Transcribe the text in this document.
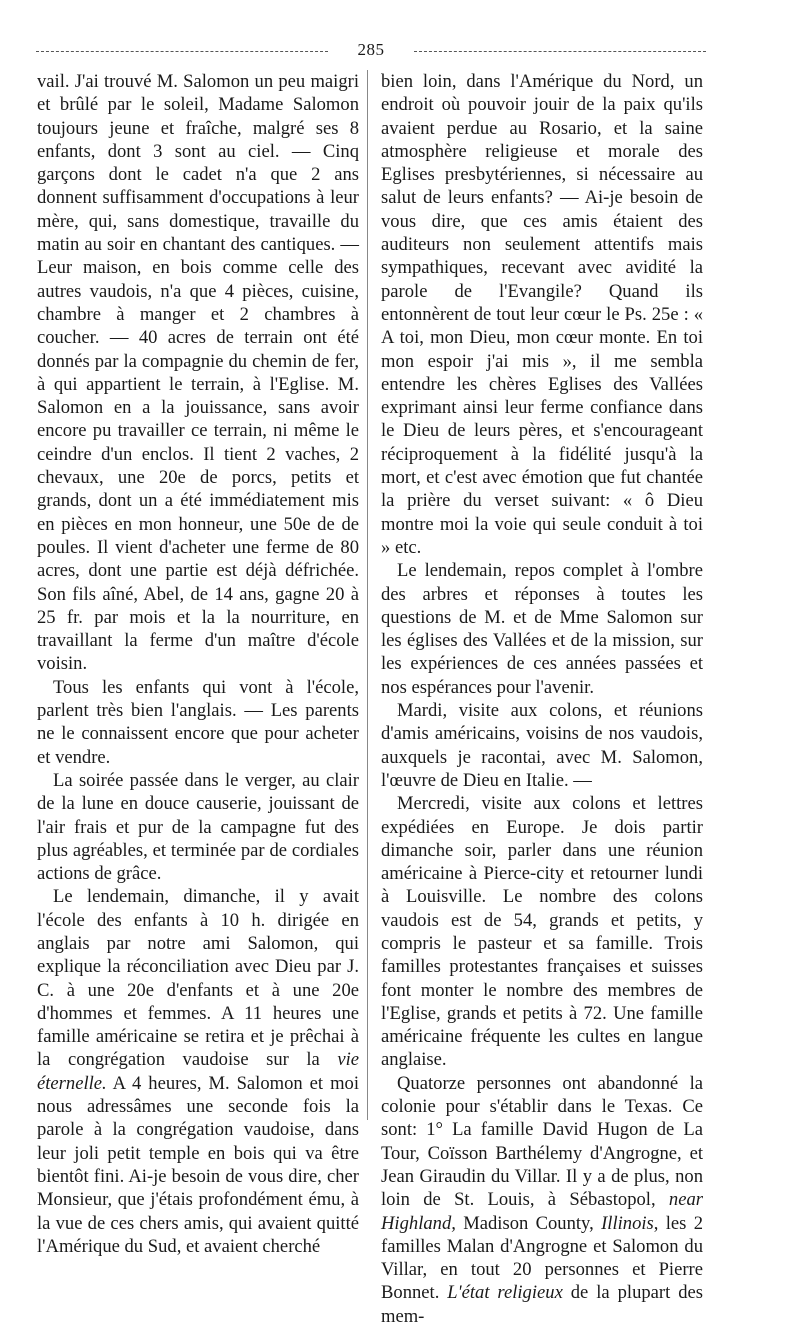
285

vail. J'ai trouvé M. Salomon un peu maigri et brûlé par le soleil, Madame Salomon toujours jeune et fraîche, malgré ses 8 enfants, dont 3 sont au ciel. — Cinq garçons dont le cadet n'a que 2 ans donnent suffisamment d'occupations à leur mère, qui, sans domestique, travaille du matin au soir en chantant des cantiques. — Leur maison, en bois comme celle des autres vaudois, n'a que 4 pièces, cuisine, chambre à manger et 2 chambres à coucher. — 40 acres de terrain ont été donnés par la compagnie du chemin de fer, à qui appartient le terrain, à l'Eglise. M. Salomon en a la jouissance, sans avoir encore pu travailler ce terrain, ni même le ceindre d'un enclos. Il tient 2 vaches, 2 chevaux, une 20e de porcs, petits et grands, dont un a été immédiatement mis en pièces en mon honneur, une 50e de de poules. Il vient d'acheter une ferme de 80 acres, dont une partie est déjà défrichée. Son fils aîné, Abel, de 14 ans, gagne 20 à 25 fr. par mois et la la nourriture, en travaillant la ferme d'un maître d'école voisin.

Tous les enfants qui vont à l'école, parlent très bien l'anglais. — Les parents ne le connaissent encore que pour acheter et vendre.

La soirée passée dans le verger, au clair de la lune en douce causerie, jouissant de l'air frais et pur de la campagne fut des plus agréables, et terminée par de cordiales actions de grâce.

Le lendemain, dimanche, il y avait l'école des enfants à 10 h. dirigée en anglais par notre ami Salomon, qui explique la réconciliation avec Dieu par J. C. à une 20e d'enfants et à une 20e d'hommes et femmes. A 11 heures une famille américaine se retira et je prêchai à la congrégation vaudoise sur la vie éternelle. A 4 heures, M. Salomon et moi nous adressâmes une seconde fois la parole à la congrégation vaudoise, dans leur joli petit temple en bois qui va être bientôt fini. Ai-je besoin de vous dire, cher Monsieur, que j'étais profondément ému, à la vue de ces chers amis, qui avaient quitté l'Amérique du Sud, et avaient cherché

bien loin, dans l'Amérique du Nord, un endroit où pouvoir jouir de la paix qu'ils avaient perdue au Rosario, et la saine atmosphère religieuse et morale des Eglises presbytériennes, si nécessaire au salut de leurs enfants? — Ai-je besoin de vous dire, que ces amis étaient des auditeurs non seulement attentifs mais sympathiques, recevant avec avidité la parole de l'Evangile? Quand ils entonnèrent de tout leur cœur le Ps. 25e : « A toi, mon Dieu, mon cœur monte. En toi mon espoir j'ai mis », il me sembla entendre les chères Eglises des Vallées exprimant ainsi leur ferme confiance dans le Dieu de leurs pères, et s'encourageant réciproquement à la fidélité jusqu'à la mort, et c'est avec émotion que fut chantée la prière du verset suivant: « ô Dieu montre moi la voie qui seule conduit à toi » etc.

Le lendemain, repos complet à l'ombre des arbres et réponses à toutes les questions de M. et de Mme Salomon sur les églises des Vallées et de la mission, sur les expériences de ces années passées et nos espérances pour l'avenir.

Mardi, visite aux colons, et réunions d'amis américains, voisins de nos vaudois, auxquels je racontai, avec M. Salomon, l'œuvre de Dieu en Italie. —

Mercredi, visite aux colons et lettres expédiées en Europe. Je dois partir dimanche soir, parler dans une réunion américaine à Pierce-city et retourner lundi à Louisville. Le nombre des colons vaudois est de 54, grands et petits, y compris le pasteur et sa famille. Trois familles protestantes françaises et suisses font monter le nombre des membres de l'Eglise, grands et petits à 72. Une famille américaine fréquente les cultes en langue anglaise.

Quatorze personnes ont abandonné la colonie pour s'établir dans le Texas. Ce sont: 1° La famille David Hugon de La Tour, Coïsson Barthélemy d'Angrogne, et Jean Giraudin du Villar. Il y a de plus, non loin de St. Louis, à Sébastopol, near Highland, Madison County, Illinois, les 2 familles Malan d'Angrogne et Salomon du Villar, en tout 20 personnes et Pierre Bonnet. L'état religieux de la plupart des mem-
